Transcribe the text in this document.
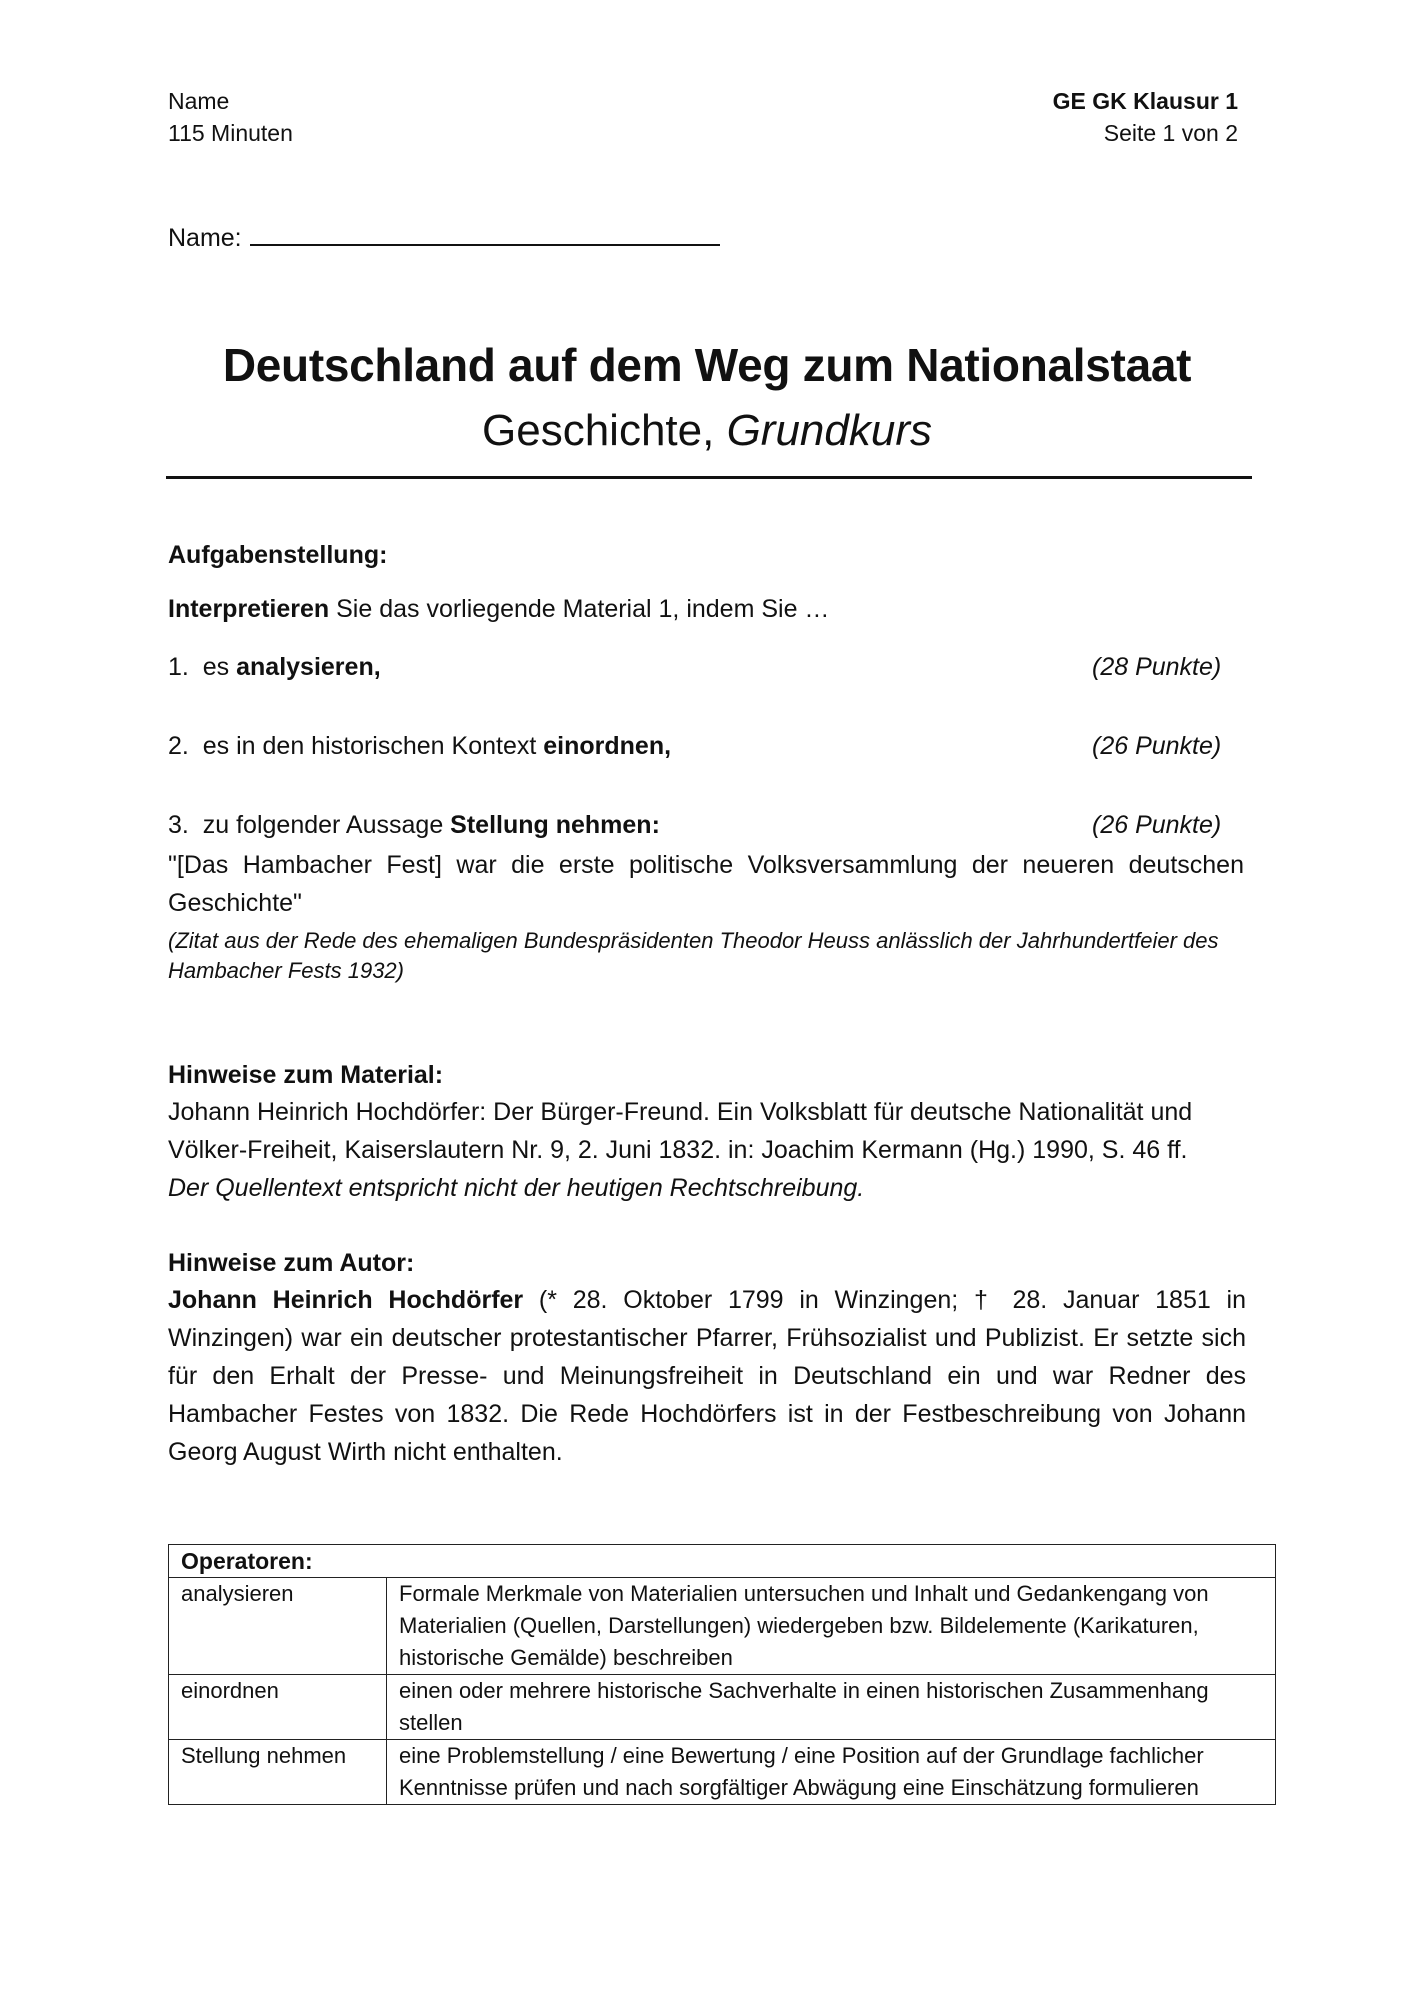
Name
115 Minuten
GE GK Klausur 1
Seite 1 von 2
Name:
Deutschland auf dem Weg zum Nationalstaat
Geschichte, Grundkurs
Aufgabenstellung:
Interpretieren Sie das vorliegende Material 1, indem Sie …
1. es analysieren,	(28 Punkte)
2. es in den historischen Kontext einordnen,	(26 Punkte)
3. zu folgender Aussage Stellung nehmen:	(26 Punkte)
"[Das Hambacher Fest] war die erste politische Volksversammlung der neueren deutschen Geschichte"
(Zitat aus der Rede des ehemaligen Bundespräsidenten Theodor Heuss anlässlich der Jahrhundertfeier des Hambacher Fests 1932)
Hinweise zum Material:
Johann Heinrich Hochdörfer: Der Bürger-Freund. Ein Volksblatt für deutsche Nationalität und Völker-Freiheit, Kaiserslautern Nr. 9, 2. Juni 1832. in: Joachim Kermann (Hg.) 1990, S. 46 ff.
Der Quellentext entspricht nicht der heutigen Rechtschreibung.
Hinweise zum Autor:
Johann Heinrich Hochdörfer (* 28. Oktober 1799 in Winzingen; † 28. Januar 1851 in Winzingen) war ein deutscher protestantischer Pfarrer, Frühsozialist und Publizist. Er setzte sich für den Erhalt der Presse- und Meinungsfreiheit in Deutschland ein und war Redner des Hambacher Festes von 1832. Die Rede Hochdörfers ist in der Festbeschreibung von Johann Georg August Wirth nicht enthalten.
Operatoren:	
analysieren	Formale Merkmale von Materialien untersuchen und Inhalt und Gedankengang von Materialien (Quellen, Darstellungen) wiedergeben bzw. Bildelemente (Karikaturen, historische Gemälde) beschreiben
einordnen	einen oder mehrere historische Sachverhalte in einen historischen Zusammenhang stellen
Stellung nehmen	eine Problemstellung / eine Bewertung / eine Position auf der Grundlage fachlicher Kenntnisse prüfen und nach sorgfältiger Abwägung eine Einschätzung formulieren
